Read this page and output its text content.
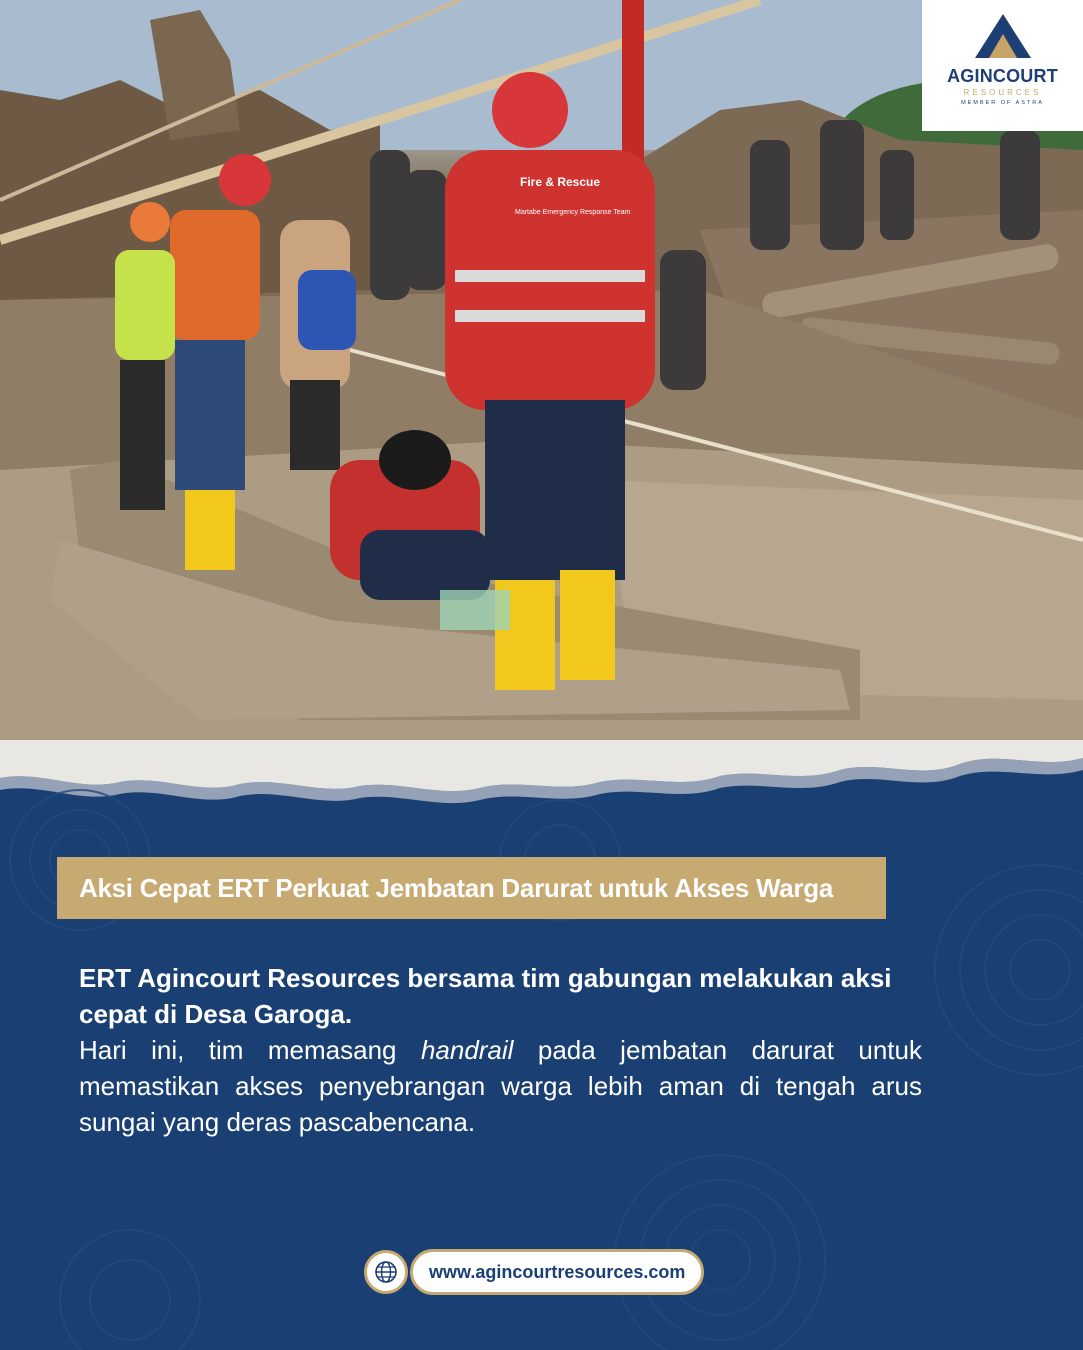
Fire & Rescue
Martabe Emergency Response Team
AGINCOURT
RESOURCES
MEMBER OF ASTRA
Aksi Cepat ERT Perkuat Jembatan Darurat untuk Akses Warga
ERT Agincourt Resources bersama tim gabungan melakukan aksi cepat di Desa Garoga.
Hari ini, tim memasang handrail pada jembatan darurat untuk memastikan akses penyebrangan warga lebih aman di tengah arus sungai yang deras pascabencana.
www.agincourtresources.com
